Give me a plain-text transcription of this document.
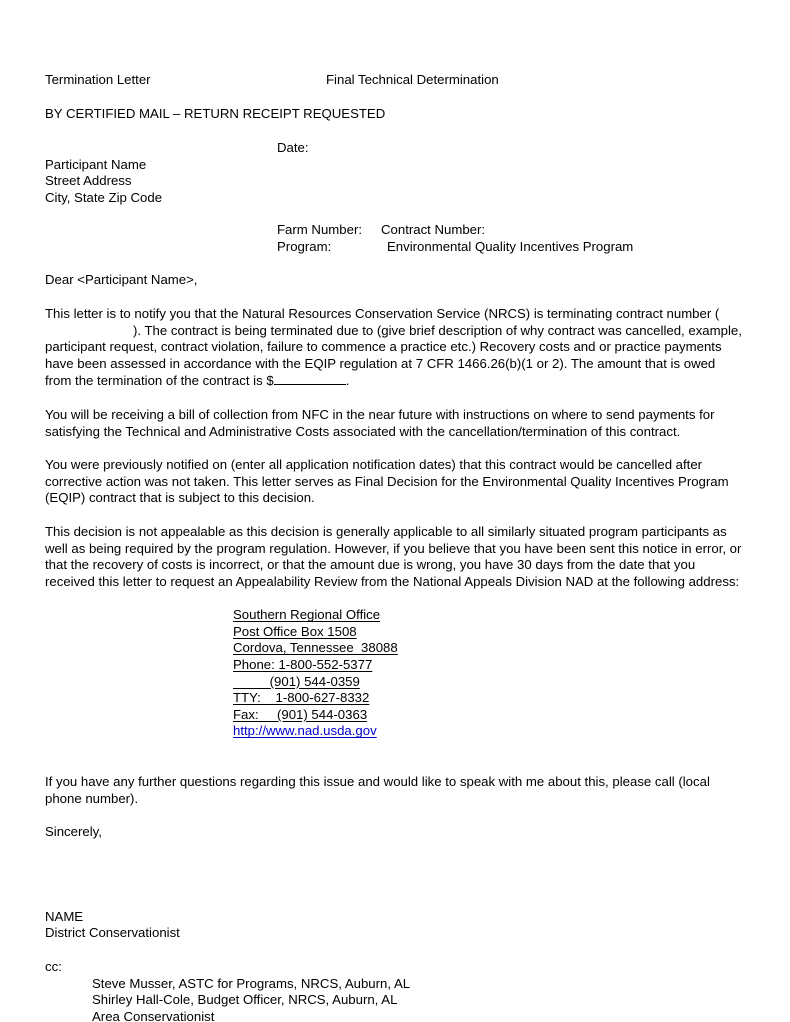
Termination Letter	Final Technical Determination
BY CERTIFIED MAIL – RETURN RECEIPT REQUESTED
Date:
Participant Name
Street Address
City, State Zip Code
Farm Number: Contract Number:
Program:	Environmental Quality Incentives Program
Dear <Participant Name>,

This letter is to notify you that the Natural Resources Conservation Service (NRCS) is terminating contract number (). The contract is being terminated due to (give brief description of why contract was cancelled, example, participant request, contract violation, failure to commence a practice etc.) Recovery costs and or practice payments have been assessed in accordance with the EQIP regulation at 7 CFR 1466.26(b)(1 or 2). The amount that is owed from the termination of the contract is $	.

You will be receiving a bill of collection from NFC in the near future with instructions on where to send payments for satisfying the Technical and Administrative Costs associated with the cancellation/termination of this contract.

You were previously notified on (enter all application notification dates) that this contract would be cancelled after corrective action was not taken. This letter serves as Final Decision for the Environmental Quality Incentives Program (EQIP) contract that is subject to this decision.

This decision is not appealable as this decision is generally applicable to all similarly situated program participants as well as being required by the program regulation. However, if you believe that you have been sent this notice in error, or that the recovery of costs is incorrect, or that the amount due is wrong, you have 30 days from the date that you received this letter to request an Appealability Review from the National Appeals Division NAD at the following address:

Southern Regional Office
Post Office Box 1508
Cordova, Tennessee  38088
Phone: 1-800-552-5377
(901) 544-0359
TTY:    1-800-627-8332
Fax:     (901) 544-0363
http://www.nad.usda.gov

If you have any further questions regarding this issue and would like to speak with me about this, please call (local phone number).

Sincerely,
NAME
District Conservationist
cc:
Steve Musser, ASTC for Programs, NRCS, Auburn, AL
Shirley Hall-Cole, Budget Officer, NRCS, Auburn, AL
Area Conservationist
